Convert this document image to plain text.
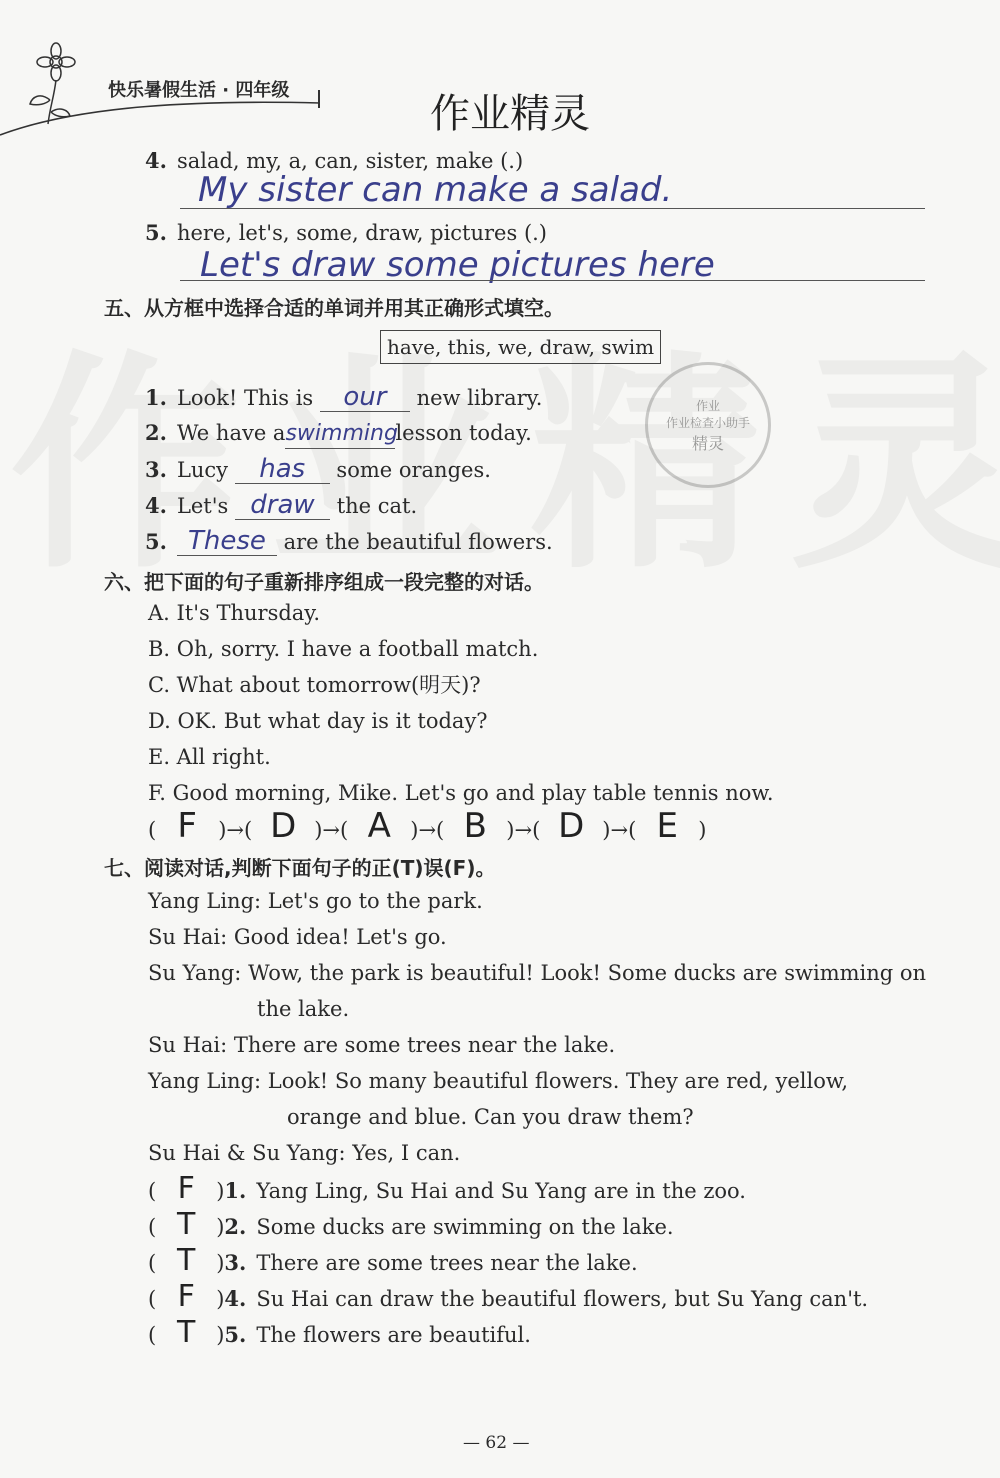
快乐暑假生活 · 四年级
作业精灵
4. salad, my, a, can, sister, make (.)
My sister can make a salad.
5. here, let's, some, draw, pictures (.)
Let's draw some pictures here
五、从方框中选择合适的单词并用其正确形式填空。
have, this, we, draw, swim
作业
作业检查小助手
精灵
1. Look! This is our new library.
2. We have aswimminglesson today.
3. Lucy has some oranges.
4. Let's draw the cat.
5. These are the beautiful flowers.
六、把下面的句子重新排序组成一段完整的对话。
A. It's Thursday.
B. Oh, sorry. I have a football match.
C. What about tomorrow(明天)?
D. OK. But what day is it today?
E. All right.
F. Good morning, Mike. Let's go and play table tennis now.
( F )→( D )→( A )→( B )→( D )→( E )
七、阅读对话,判断下面句子的正(T)误(F)。
Yang Ling: Let's go to the park.
Su Hai: Good idea! Let's go.
Su Yang: Wow, the park is beautiful! Look! Some ducks are swimming on
the lake.
Su Hai: There are some trees near the lake.
Yang Ling: Look! So many beautiful flowers. They are red, yellow,
orange and blue. Can you draw them?
Su Hai & Su Yang: Yes, I can.
( F )1. Yang Ling, Su Hai and Su Yang are in the zoo.
( T )2. Some ducks are swimming on the lake.
( T )3. There are some trees near the lake.
( F )4. Su Hai can draw the beautiful flowers, but Su Yang can't.
( T )5. The flowers are beautiful.
— 62 —
